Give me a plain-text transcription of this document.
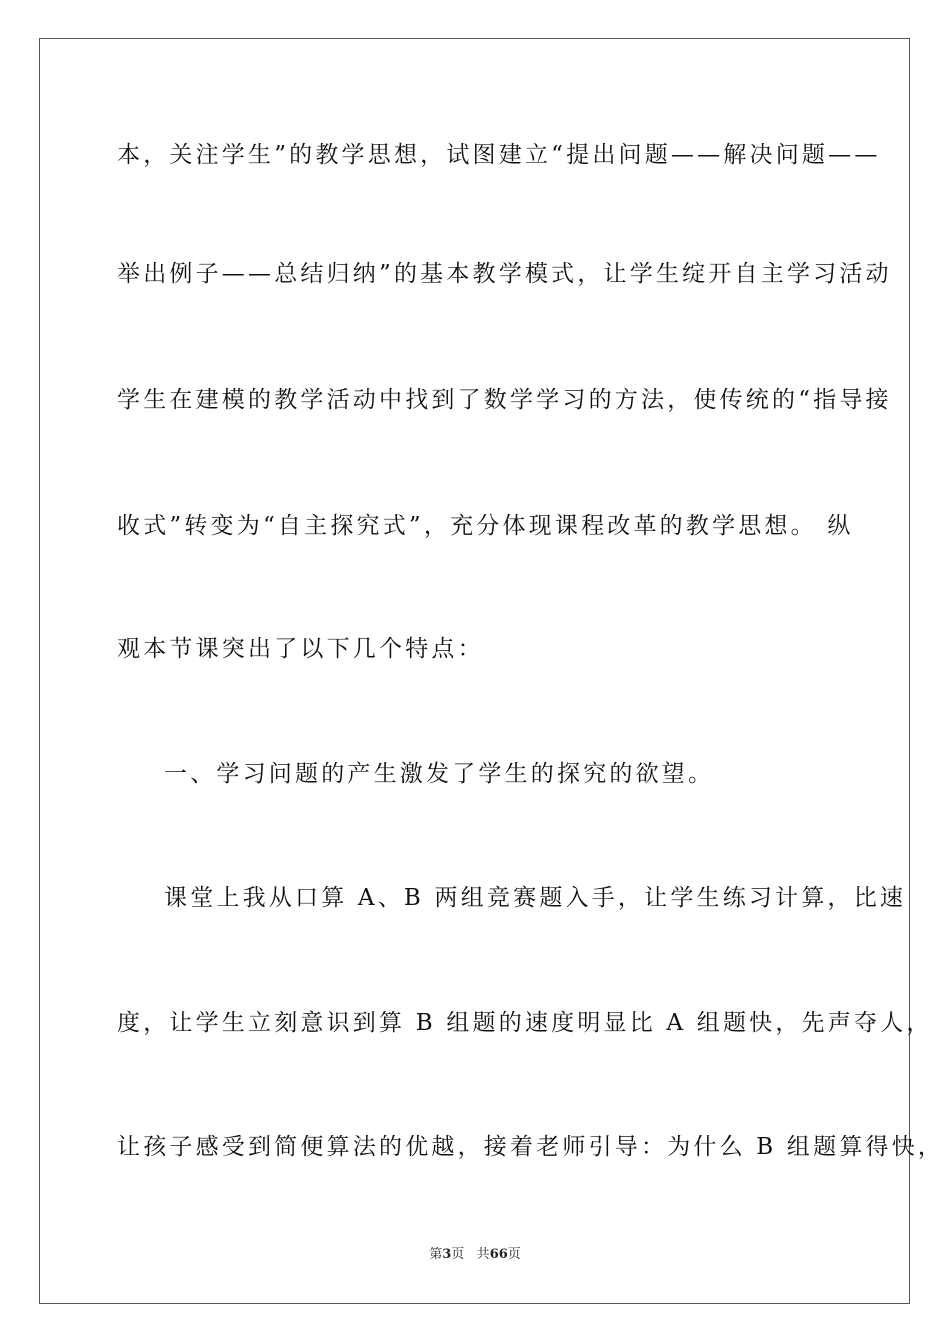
本，关注学生”的教学思想，试图建立“提出问题——解决问题——
举出例子——总结归纳”的基本教学模式，让学生绽开自主学习活动
学生在建模的教学活动中找到了数学学习的方法，使传统的“指导接
收式”转变为“自主探究式”，充分体现课程改革的教学思想。 纵
观本节课突出了以下几个特点：
一、学习问题的产生激发了学生的探究的欲望。
课堂上我从口算 A、B 两组竞赛题入手，让学生练习计算，比速
度，让学生立刻意识到算 B 组题的速度明显比 A 组题快，先声夺人，
让孩子感受到简便算法的优越，接着老师引导：为什么 B 组题算得快，
第3页 共66页
